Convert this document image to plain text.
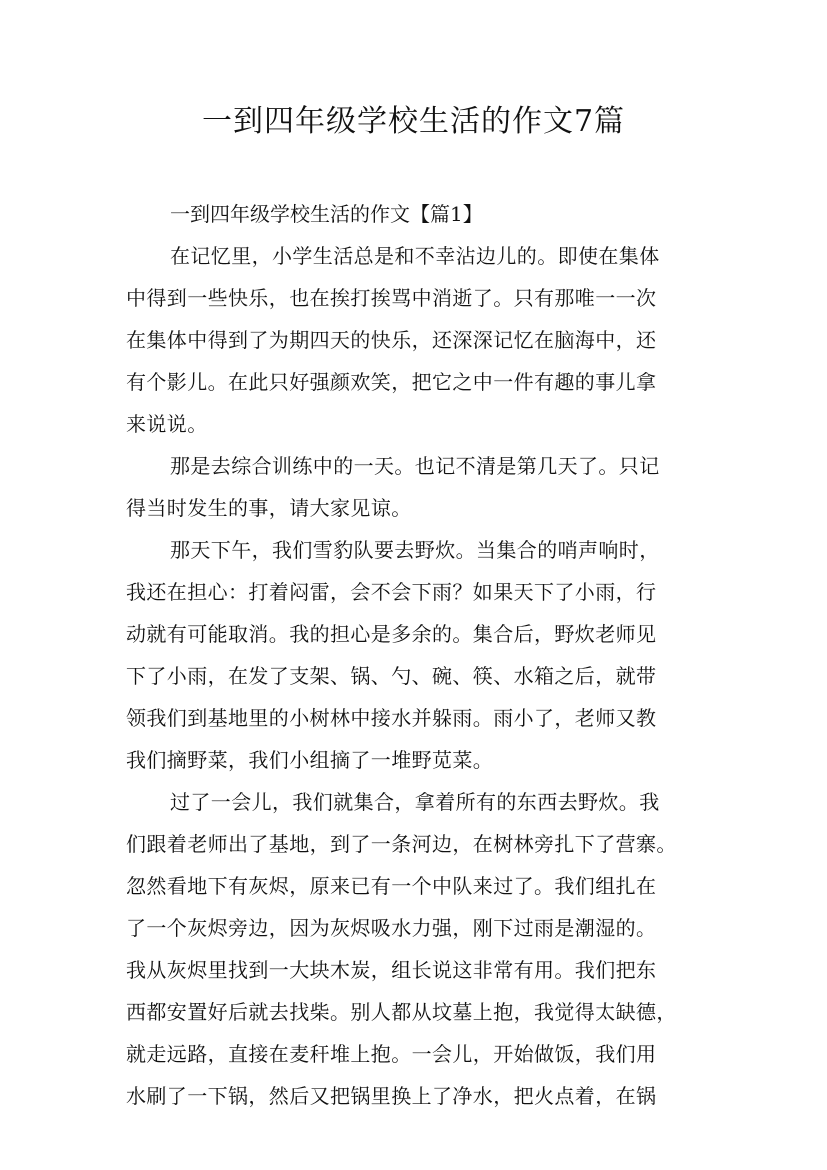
一到四年级学校生活的作文7篇

一到四年级学校生活的作文【篇1】

在记忆里，小学生活总是和不幸沾边儿的。即使在集体
中得到一些快乐，也在挨打挨骂中消逝了。只有那唯一一次
在集体中得到了为期四天的快乐，还深深记忆在脑海中，还
有个影儿。在此只好强颜欢笑，把它之中一件有趣的事儿拿
来说说。

那是去综合训练中的一天。也记不清是第几天了。只记
得当时发生的事，请大家见谅。

那天下午，我们雪豹队要去野炊。当集合的哨声响时，
我还在担心：打着闷雷，会不会下雨？如果天下了小雨，行
动就有可能取消。我的担心是多余的。集合后，野炊老师见
下了小雨，在发了支架、锅、勺、碗、筷、水箱之后，就带
领我们到基地里的小树林中接水并躲雨。雨小了，老师又教
我们摘野菜，我们小组摘了一堆野苋菜。

过了一会儿，我们就集合，拿着所有的东西去野炊。我
们跟着老师出了基地，到了一条河边，在树林旁扎下了营寨。
忽然看地下有灰烬，原来已有一个中队来过了。我们组扎在
了一个灰烬旁边，因为灰烬吸水力强，刚下过雨是潮湿的。
我从灰烬里找到一大块木炭，组长说这非常有用。我们把东
西都安置好后就去找柴。别人都从坟墓上抱，我觉得太缺德，
就走远路，直接在麦秆堆上抱。一会儿，开始做饭，我们用
水刷了一下锅，然后又把锅里换上了净水，把火点着，在锅
